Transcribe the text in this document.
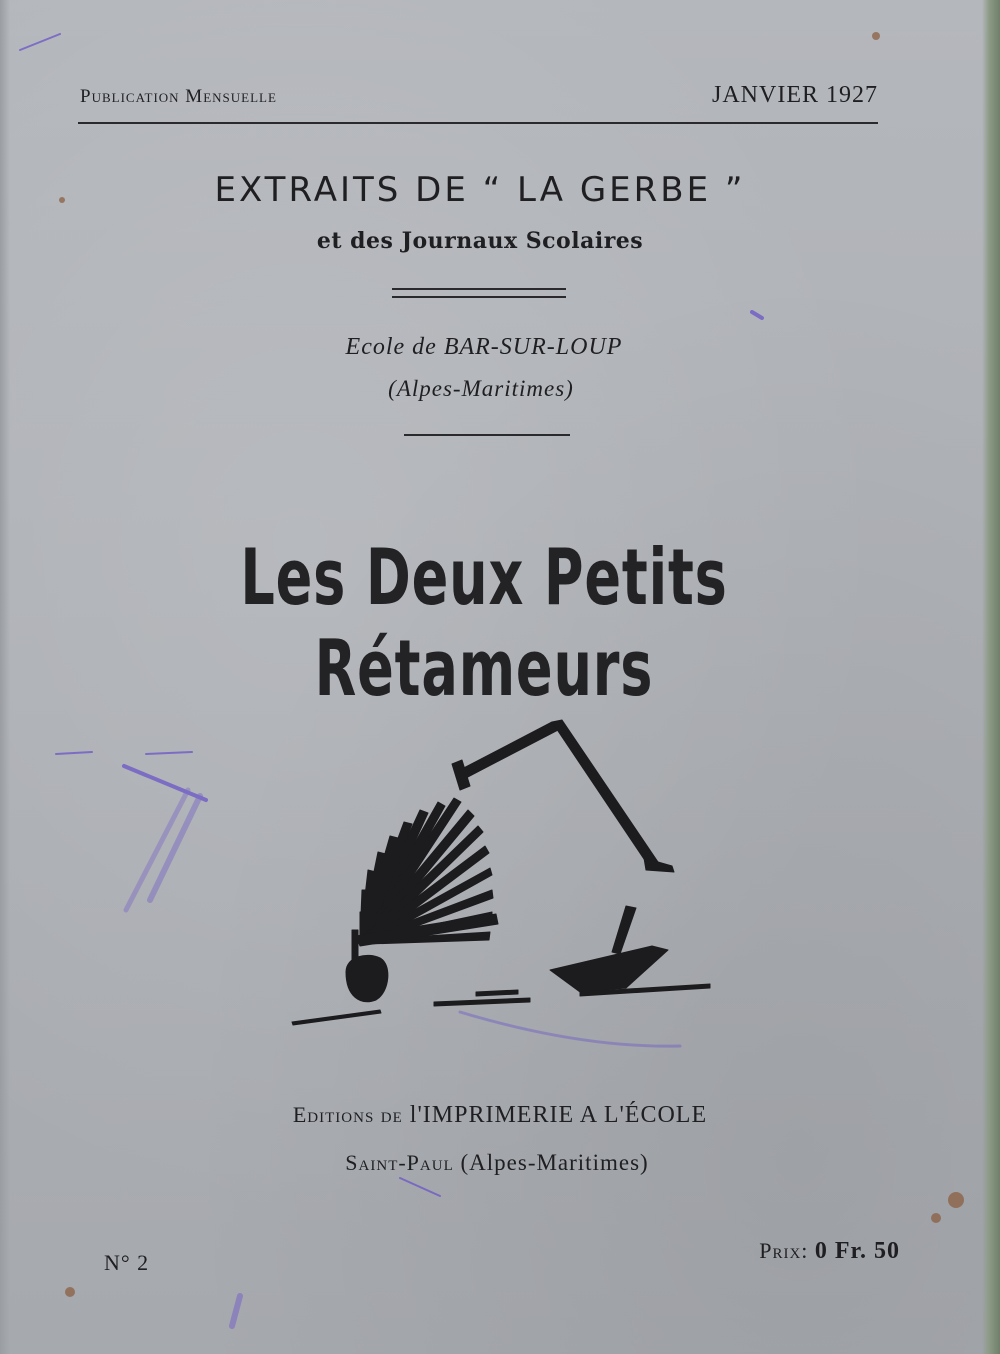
Publication Mensuelle	JANVIER 1927
EXTRAITS DE “ LA GERBE ”
et des Journaux Scolaires
Ecole de BAR-SUR-LOUP
(Alpes-Maritimes)
Les Deux Petits Rétameurs
Editions de l'IMPRIMERIE A L'ÉCOLE
Saint-Paul (Alpes-Maritimes)
N° 2	Prix: 0 Fr. 50
